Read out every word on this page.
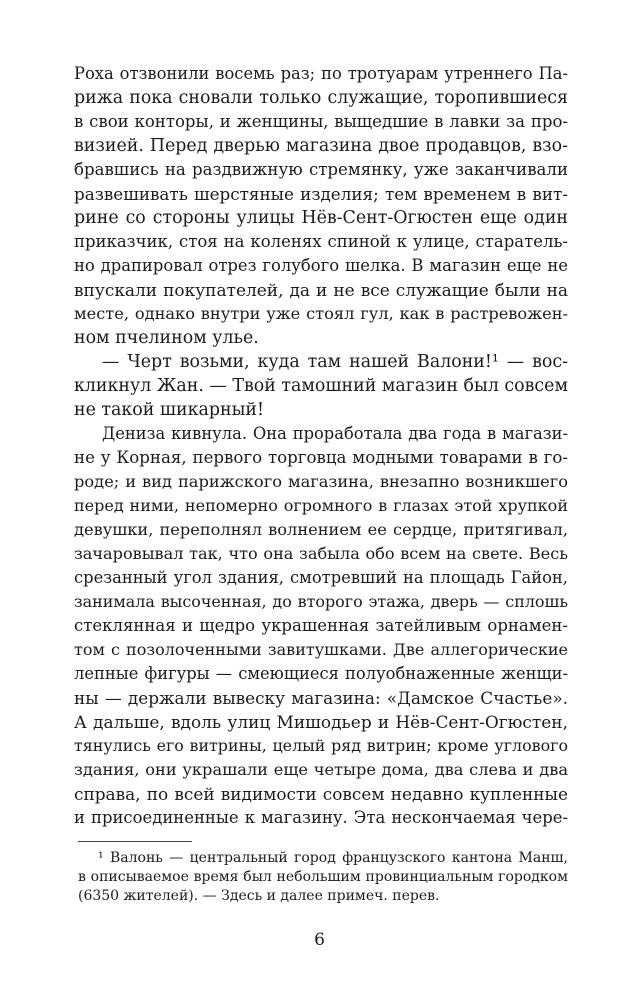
Роха отзвонили восемь раз; по тротуарам утреннего Па-
рижа пока сновали только служащие, торопившиеся
в свои конторы, и женщины, выщедшие в лавки за про-
визией. Перед дверью магазина двое продавцов, взо-
бравшись на раздвижную стремянку, уже заканчивали
развешивать шерстяные изделия; тем временем в вит-
рине со стороны улицы Нёв-Сент-Огюстен еще один
приказчик, стоя на коленях спиной к улице, старатель-
но драпировал отрез голубого шелка. В магазин еще не
впускали покупателей, да и не все служащие были на
месте, однако внутри уже стоял гул, как в растревожен-
ном пчелином улье.
— Черт возьми, куда там нашей Валони!¹ — вос-
кликнул Жан. — Твой тамошний магазин был совсем
не такой шикарный!
Дениза кивнула. Она проработала два года в магази-
не у Корная, первого торговца модными товарами в го-
роде; и вид парижского магазина, внезапно возникшего
перед ними, непомерно огромного в глазах этой хрупкой
девушки, переполнял волнением ее сердце, притягивал,
зачаровывал так, что она забыла обо всем на свете. Весь
срезанный угол здания, смотревший на площадь Гайон,
занимала высоченная, до второго этажа, дверь — сплошь
стеклянная и щедро украшенная затейливым орнамен-
том с позолоченными завитушками. Две аллегорические
лепные фигуры — смеющиеся полуобнаженные женщи-
ны — держали вывеску магазина: «Дамское Счастье».
А дальше, вдоль улиц Мишодьер и Нёв-Сент-Огюстен,
тянулись его витрины, целый ряд витрин; кроме углового
здания, они украшали еще четыре дома, два слева и два
справа, по всей видимости совсем недавно купленные
и присоединенные к магазину. Эта нескончаемая чере-
¹ Валонь — центральный город французского кантона Манш,
в описываемое время был небольшим провинциальным городком
(6350 жителей). — Здесь и далее примеч. перев.
6
